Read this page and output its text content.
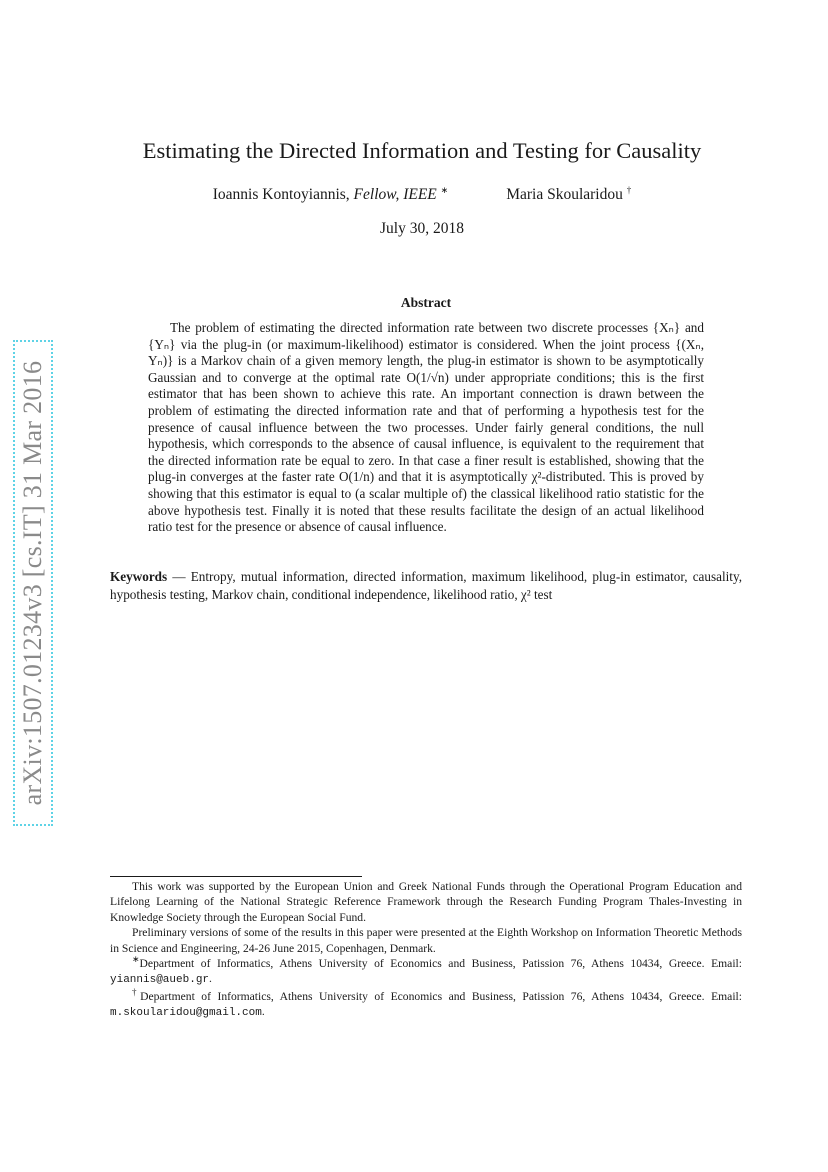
arXiv:1507.01234v3 [cs.IT] 31 Mar 2016
Estimating the Directed Information and Testing for Causality
Ioannis Kontoyiannis, Fellow, IEEE ∗	Maria Skoularidou †
July 30, 2018
Abstract

The problem of estimating the directed information rate between two discrete processes {Xₙ} and {Yₙ} via the plug-in (or maximum-likelihood) estimator is considered. When the joint process {(Xₙ, Yₙ)} is a Markov chain of a given memory length, the plug-in estimator is shown to be asymptotically Gaussian and to converge at the optimal rate O(1/√n) under appropriate conditions; this is the first estimator that has been shown to achieve this rate. An important connection is drawn between the problem of estimating the directed information rate and that of performing a hypothesis test for the presence of causal influence between the two processes. Under fairly general conditions, the null hypothesis, which corresponds to the absence of causal influence, is equivalent to the requirement that the directed information rate be equal to zero. In that case a finer result is established, showing that the plug-in converges at the faster rate O(1/n) and that it is asymptotically χ²-distributed. This is proved by showing that this estimator is equal to (a scalar multiple of) the classical likelihood ratio statistic for the above hypothesis test. Finally it is noted that these results facilitate the design of an actual likelihood ratio test for the presence or absence of causal influence.

Keywords — Entropy, mutual information, directed information, maximum likelihood, plug-in estimator, causality, hypothesis testing, Markov chain, conditional independence, likelihood ratio, χ² test

This work was supported by the European Union and Greek National Funds through the Operational Program Education and Lifelong Learning of the National Strategic Reference Framework through the Research Funding Program Thales-Investing in Knowledge Society through the European Social Fund.

Preliminary versions of some of the results in this paper were presented at the Eighth Workshop on Information Theoretic Methods in Science and Engineering, 24-26 June 2015, Copenhagen, Denmark.

∗Department of Informatics, Athens University of Economics and Business, Patission 76, Athens 10434, Greece. Email: yiannis@aueb.gr.

†Department of Informatics, Athens University of Economics and Business, Patission 76, Athens 10434, Greece. Email: m.skoularidou@gmail.com.
